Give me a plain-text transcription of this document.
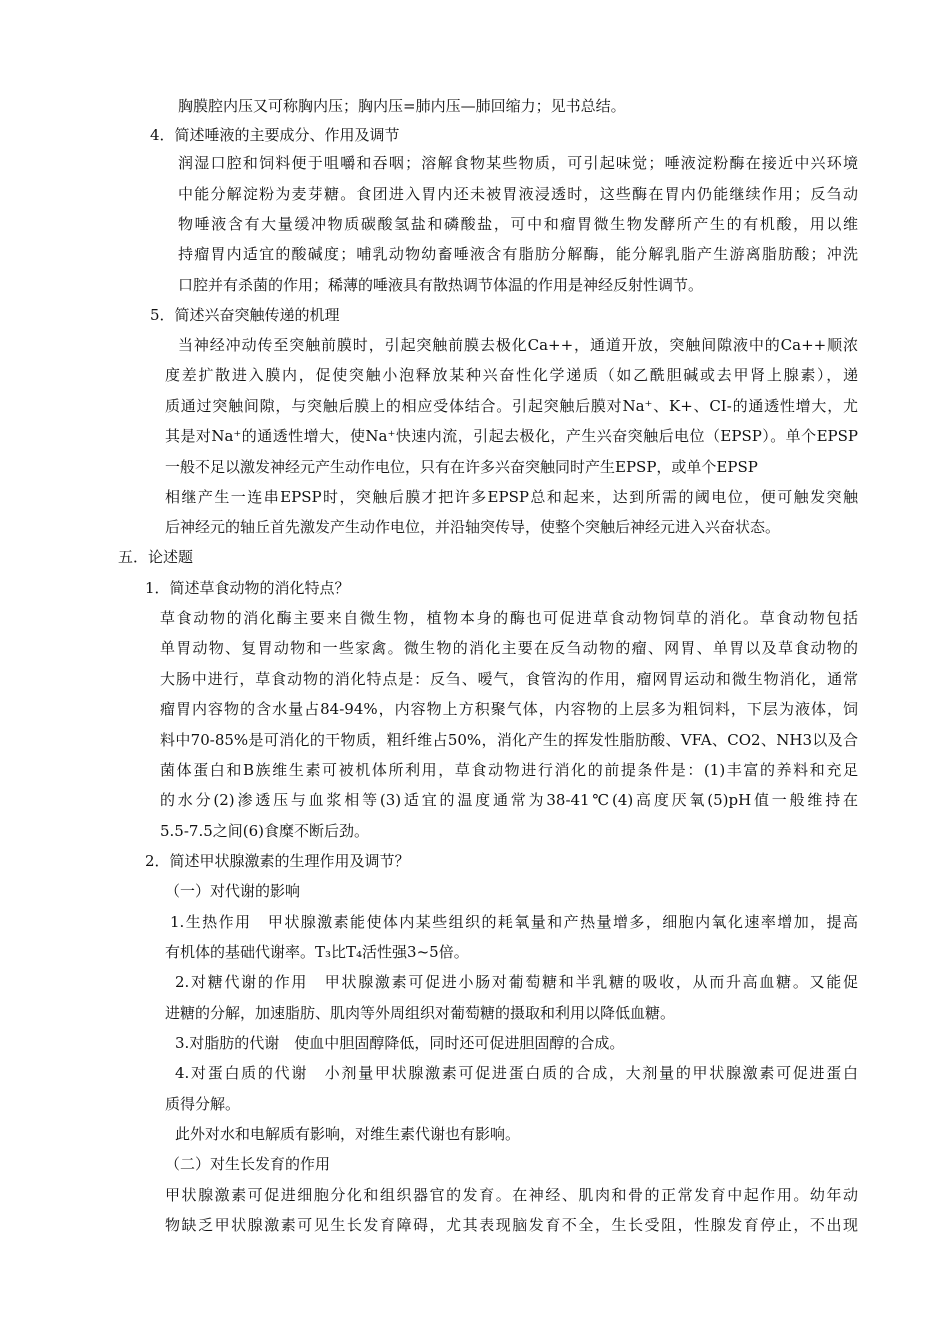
胸膜腔内压又可称胸内压；胸内压=肺内压—肺回缩力；见书总结。
4．简述唾液的主要成分、作用及调节
润湿口腔和饲料便于咀嚼和吞咽；溶解食物某些物质，可引起味觉；唾液淀粉酶在接近中兴环境
中能分解淀粉为麦芽糖。食团进入胃内还未被胃液浸透时，这些酶在胃内仍能继续作用；反刍动
物唾液含有大量缓冲物质碳酸氢盐和磷酸盐，可中和瘤胃微生物发酵所产生的有机酸，用以维
持瘤胃内适宜的酸碱度；哺乳动物幼畜唾液含有脂肪分解酶，能分解乳脂产生游离脂肪酸；冲洗
口腔并有杀菌的作用；稀薄的唾液具有散热调节体温的作用是神经反射性调节。
5．简述兴奋突触传递的机理
当神经冲动传至突触前膜时，引起突触前膜去极化Ca++，通道开放，突触间隙液中的Ca++顺浓
度差扩散进入膜内，促使突触小泡释放某种兴奋性化学递质（如乙酰胆碱或去甲肾上腺素），递
质通过突触间隙，与突触后膜上的相应受体结合。引起突触后膜对Na⁺、K+、CI-的通透性增大，尤
其是对Na⁺的通透性增大，使Na⁺快速内流，引起去极化，产生兴奋突触后电位（EPSP）。单个EPSP
一般不足以激发神经元产生动作电位，只有在许多兴奋突触同时产生EPSP，或单个EPSP
相继产生一连串EPSP时，突触后膜才把许多EPSP总和起来，达到所需的阈电位，便可触发突触
后神经元的轴丘首先激发产生动作电位，并沿轴突传导，使整个突触后神经元进入兴奋状态。
五．论述题
1．简述草食动物的消化特点？
草食动物的消化酶主要来自微生物，植物本身的酶也可促进草食动物饲草的消化。草食动物包括
单胃动物、复胃动物和一些家禽。微生物的消化主要在反刍动物的瘤、网胃、单胃以及草食动物的
大肠中进行，草食动物的消化特点是：反刍、嗳气，食管沟的作用，瘤网胃运动和微生物消化，通常
瘤胃内容物的含水量占84-94%，内容物上方积聚气体，内容物的上层多为粗饲料，下层为液体，饲
料中70-85%是可消化的干物质，粗纤维占50%，消化产生的挥发性脂肪酸、VFA、CO2、NH3以及合
菌体蛋白和B族维生素可被机体所利用，草食动物进行消化的前提条件是：(1)丰富的养料和充足
的水分(2)渗透压与血浆相等(3)适宜的温度通常为38-41℃(4)高度厌氧(5)pH值一般维持在
5.5-7.5之间(6)食糜不断后劲。
2．简述甲状腺激素的生理作用及调节？
（一）对代谢的影响
1.生热作用　甲状腺激素能使体内某些组织的耗氧量和产热量增多，细胞内氧化速率增加，提高
有机体的基础代谢率。 T₃比T₄活性强3~5倍。
2.对糖代谢的作用　甲状腺激素可促进小肠对葡萄糖和半乳糖的吸收，从而升高血糖。又能促
进糖的分解，加速脂肪、肌肉等外周组织对葡萄糖的摄取和利用以降低血糖。
3.对脂肪的代谢　使血中胆固醇降低，同时还可促进胆固醇的合成。
4.对蛋白质的代谢　小剂量甲状腺激素可促进蛋白质的合成，大剂量的甲状腺激素可促进蛋白
质得分解。
此外对水和电解质有影响，对维生素代谢也有影响。
（二）对生长发育的作用
甲状腺激素可促进细胞分化和组织器官的发育。在神经、肌肉和骨的正常发育中起作用。幼年动
物缺乏甲状腺激素可见生长发育障碍，尤其表现脑发育不全，生长受阻，性腺发育停止，不出现
